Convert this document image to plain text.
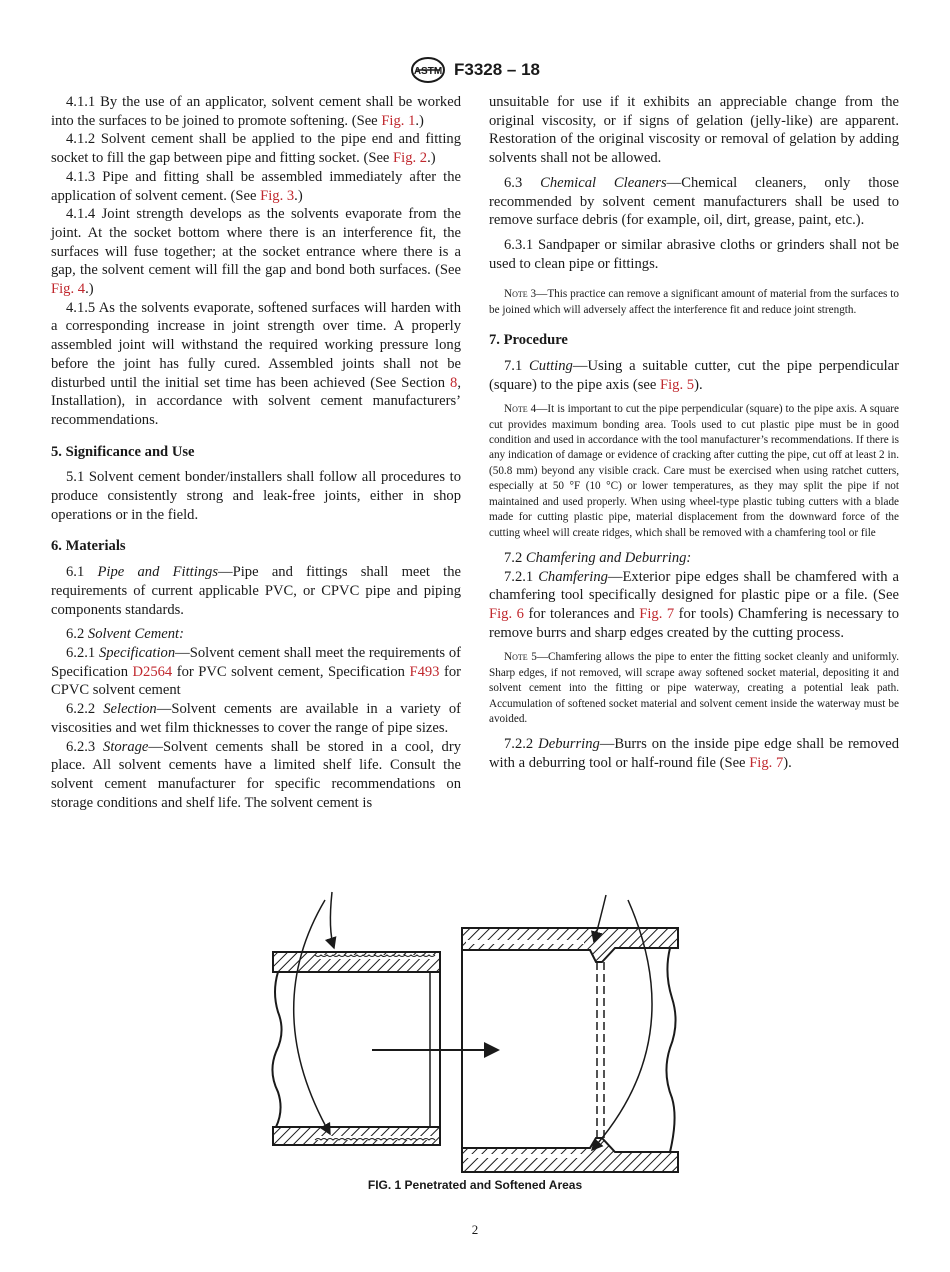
ASTM F3328 – 18

4.1.1 By the use of an applicator, solvent cement shall be worked into the surfaces to be joined to promote softening. (See Fig. 1.)

4.1.2 Solvent cement shall be applied to the pipe end and fitting socket to fill the gap between pipe and fitting socket. (See Fig. 2.)

4.1.3 Pipe and fitting shall be assembled immediately after the application of solvent cement. (See Fig. 3.)

4.1.4 Joint strength develops as the solvents evaporate from the joint. At the socket bottom where there is an interference fit, the surfaces will fuse together; at the socket entrance where there is a gap, the solvent cement will fill the gap and bond both surfaces. (See Fig. 4.)

4.1.5 As the solvents evaporate, softened surfaces will harden with a corresponding increase in joint strength over time. A properly assembled joint will withstand the required working pressure long before the joint has fully cured. Assembled joints shall not be disturbed until the initial set time has been achieved (See Section 8, Installation), in accordance with solvent cement manufacturers’ recommendations.

5. Significance and Use

5.1 Solvent cement bonder/installers shall follow all procedures to produce consistently strong and leak-free joints, either in shop operations or in the field.

6. Materials

6.1 Pipe and Fittings—Pipe and fittings shall meet the requirements of current applicable PVC, or CPVC pipe and piping components standards.

6.2 Solvent Cement:

6.2.1 Specification—Solvent cement shall meet the requirements of Specification D2564 for PVC solvent cement, Specification F493 for CPVC solvent cement

6.2.2 Selection—Solvent cements are available in a variety of viscosities and wet film thicknesses to cover the range of pipe sizes.

6.2.3 Storage—Solvent cements shall be stored in a cool, dry place. All solvent cements have a limited shelf life. Consult the solvent cement manufacturer for specific recommendations on storage conditions and shelf life. The solvent cement is

unsuitable for use if it exhibits an appreciable change from the original viscosity, or if signs of gelation (jelly-like) are apparent. Restoration of the original viscosity or removal of gelation by adding solvents shall not be allowed.

6.3 Chemical Cleaners—Chemical cleaners, only those recommended by solvent cement manufacturers shall be used to remove surface debris (for example, oil, dirt, grease, paint, etc.).

6.3.1 Sandpaper or similar abrasive cloths or grinders shall not be used to clean pipe or fittings.

Note 3—This practice can remove a significant amount of material from the surfaces to be joined which will adversely affect the interference fit and reduce joint strength.

7. Procedure

7.1 Cutting—Using a suitable cutter, cut the pipe perpendicular (square) to the pipe axis (see Fig. 5).

Note 4—It is important to cut the pipe perpendicular (square) to the pipe axis. A square cut provides maximum bonding area. Tools used to cut plastic pipe must be in good condition and used in accordance with the tool manufacturer’s recommendations. If there is any indication of damage or evidence of cracking after cutting the pipe, cut off at least 2 in. (50.8 mm) beyond any visible crack. Care must be exercised when using ratchet cutters, especially at 50 °F (10 °C) or lower temperatures, as they may split the pipe if not maintained and used properly. When using wheel-type plastic tubing cutters with a blade made for cutting plastic pipe, material displacement from the downward force of the cutting wheel will create ridges, which shall be removed with a chamfering tool or file

7.2 Chamfering and Deburring:

7.2.1 Chamfering—Exterior pipe edges shall be chamfered with a chamfering tool specifically designed for plastic pipe or a file. (See Fig. 6 for tolerances and Fig. 7 for tools) Chamfering is necessary to remove burrs and sharp edges created by the cutting process.

Note 5—Chamfering allows the pipe to enter the fitting socket cleanly and uniformly. Sharp edges, if not removed, will scrape away softened socket material, depositing it and solvent cement into the fitting or pipe waterway, creating a potential leak path. Accumulation of softened socket material and solvent cement inside the waterway must be avoided.

7.2.2 Deburring—Burrs on the inside pipe edge shall be removed with a deburring tool or half-round file (See Fig. 7).

FIG. 1 Penetrated and Softened Areas
2
